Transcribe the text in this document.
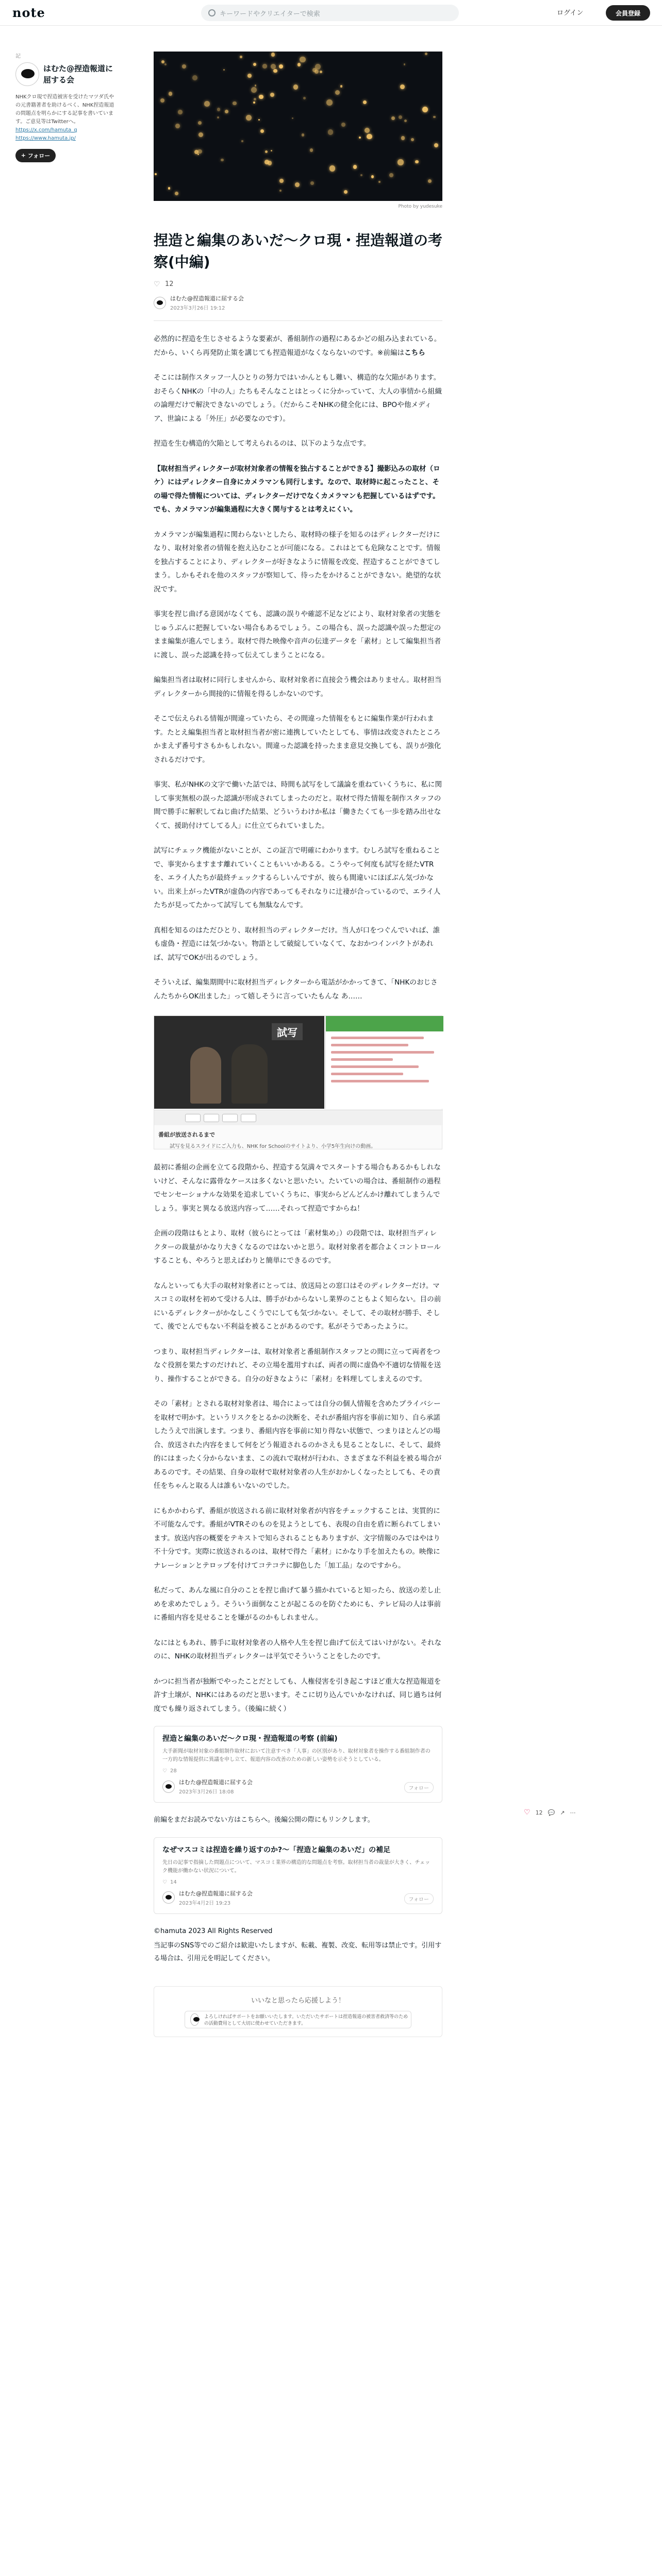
note	キーワードやクリエイターで検索	ログイン	会員登録
記
はむた@捏造報道に屈する会
NHKクロ現で捏造被害を受けたマツダ氏やの元書籍著者を助けるべく、NHK捏造報道の問題点を明らかにする記事を書いています。ご意見等はTwitterへ。
https://x.com/hamuta_q
https://www.hamuta.jp/
+ フォロー
Photo by yudesuke
捏造と編集のあいだ〜クロ現・捏造報道の考察(中編)
♡ 12
はむた@捏造報道に屈する会
2023年3月26日 19:12

必然的に捏造を生じさせるような要素が、番組制作の過程にあるかどの組み込まれている。だから、いくら再発防止策を講じても捏造報道がなくならないのです。※前編はこちら

そこには制作スタッフ一人ひとりの努力ではいかんともし難い、構造的な欠陥があります。おそらくNHKの「中の人」たちもそんなことはとっくに分かっていて、大人の事情から組織の論理だけで解決できないのでしょう。（だからこそNHKの健全化には、BPOや他メディア、世論による「外圧」が必要なのです）。

捏造を生む構造的欠陥として考えられるのは、以下のような点です。

【取材担当ディレクターが取材対象者の情報を独占することができる】撮影込みの取材（ロケ）にはディレクター自身にカメラマンも同行します。なので、取材時に起こったこと、その場で得た情報については、ディレクターだけでなくカメラマンも把握しているはずです。でも、カメラマンが編集過程に大きく関与するとは考えにくい。

カメラマンが編集過程に関わらないとしたら、取材時の様子を知るのはディレクターだけになり、取材対象者の情報を抱え込むことが可能になる。これはとても危険なことです。情報を独占することにより、ディレクターが好きなように情報を改変、捏造することができてしまう。しかもそれを他のスタッフが察知して、待ったをかけることができない。絶望的な状況です。

事実を捏じ曲げる意図がなくても、認識の誤りや確認不足などにより、取材対象者の実態をじゅうぶんに把握していない場合もあるでしょう。この場合も、誤った認識や誤った想定のまま編集が進んでしまう。取材で得た映像や音声の伝達データを「素材」として編集担当者に渡し、誤った認識を持って伝えてしまうことになる。

編集担当者は取材に同行しませんから、取材対象者に直接会う機会はありません。取材担当ディレクターから間接的に情報を得るしかないのです。

そこで伝えられる情報が間違っていたら、その間違った情報をもとに編集作業が行われます。たとえ編集担当者と取材担当者が密に連携していたとしても、事情は改変されたところかまえず番号すさもかもしれない。間違った認識を持ったまま意見交換しても、誤りが強化されるだけです。

事実、私がNHKの文字で働いた話では、時間も試写をして議論を重ねていくうちに、私に関して事実無根の誤った認識が形成されてしまったのだと。取材で得た情報を制作スタッフの間で勝手に解釈してねじ曲げた結果、どういうわけか私は「働きたくても一歩を踏み出せなくて、援助付けてしてる人」に仕立てられていました。

試写にチェック機能がないことが、この証言で明確にわかります。むしろ試写を重ねることで、事実からますます離れていくこともいいかあるる。こうやって何度も試写を経たVTRを、エライ人たちが最終チェックするらしいんですが、彼らも間違いにほぼぶん気づかない。出来上がったVTRが虚偽の内容であってもそれなりに辻褄が合っているので、エライ人たちが見ってたかって試写しても無駄なんです。

真相を知るのはただひとり、取材担当のディレクターだけ。当人が口をつぐんでいれば、誰も虚偽・捏造には気づかない。物語として破綻していなくて、なおかつインパクトがあれば、試写でOKが出るのでしょう。

そういえば、編集期間中に取材担当ディレクターから電話がかかってきて、「NHKのおじさんたちからOK出ました」って嬉しそうに言っていたもんな あ……

試写
番組が放送されるまで
試写を見るスライドにご入力も、NHK for Schoolのサイトより、小学5年生向けの動画。

最初に番組の企画を立てる段階から、捏造する気満々でスタートする場合もあるかもしれないけど、そんなに露骨なケースは多くないと思いたい。たいていの場合は、番組制作の過程でセンセーショナルな効果を追求していくうちに、事実からどんどんかけ離れてしまうんでしょう。事実と異なる放送内容って……それって捏造ですからね！

企画の段階はもとより、取材（彼らにとっては「素材集め」）の段階では、取材担当ディレクターの裁量がかなり大きくなるのではないかと思う。取材対象者を都合よくコントロールすることも、やろうと思えばわりと簡単にできるのです。

なんといっても大手の取材対象者にとっては、放送局との窓口はそのディレクターだけ。マスコミの取材を初めて受ける人は、勝手がわからないし業界のこともよく知らない。目の前にいるディレクターがかなしこくうでにしても気づかない。そして、その取材が勝手、そして、後でとんでもない不利益を被ることがあるのです。私がそうであったように。

つまり、取材担当ディレクターは、取材対象者と番組制作スタッフとの間に立って両者をつなぐ役割を果たすのだけれど、その立場を濫用すれば、両者の間に虚偽や不適切な情報を送り、操作することができる。自分の好きなように「素材」を料理してしまえるのです。

その「素材」とされる取材対象者は、場合によっては自分の個人情報を含めたプライバシーを取材で明かす。というリスクをとるかの決断を、それが番組内容を事前に知り、自ら承諾したうえで出演します。つまり、番組内容を事前に知り得ない状態で、つまりほとんどの場合、放送された内容をまして何をどう報道されるのかさえも見ることなしに、そして、最終的にはまったく分からないまま、この流れで取材が行われ、さまざまな不利益を被る場合があるのです。その結果、自身の取材で取材対象者の人生がおかしくなったとしても、その責任をちゃんと取る人は誰もいないのでした。

にもかかわらず、番組が放送される前に取材対象者が内容をチェックすることは、実質的に不可能なんです。番組がVTRそのものを見ようとしても、表現の自由を盾に断られてしまいます。放送内容の概要をテキストで知らされることもありますが、文字情報のみではやはり不十分です。実際に放送されるのは、取材で得た「素材」にかなり手を加えたもの。映像にナレーションとテロップを付けてコテコテに脚色した「加工品」なのですから。

私だって、あんな風に自分のことを捏じ曲げて暴う描かれていると知ったら、放送の差し止めを求めたでしょう。そういう面倒なことが起こるのを防ぐためにも、テレビ局の人は事前に番組内容を見せることを嫌がるのかもしれません。

なにはともあれ、勝手に取材対象者の人格や人生を捏じ曲げて伝えてはいけがない。それなのに、NHKの取材担当ディレクターは平気でそういうことをしたのです。

かつに担当者が独断でやったことだとしても、人権侵害を引き起こすほど重大な捏造報道を許す土壌が、NHKにはあるのだと思います。そこに切り込んでいかなければ、同じ過ちは何度でも繰り返されてしまう。（後編に続く）

捏造と編集のあいだ〜クロ現・捏造報道の考察 (前編)
大手新聞が取材対象の番組制作取材において注意すべき「人事」の区別があり、取材対象者を操作する番組制作者の一方的な情報提供に異議を申し立て、報道内容の改善のための新しい姿勢を示そうとしている。
♡ 28
はむた@捏造報道に屈する会
2023年3月26日 18:08
フォロー

前編をまだお読みでない方はこちらへ。後編公開の際にもリンクします。

なぜマスコミは捏造を繰り返すのか?〜「捏造と編集のあいだ」の補足
先日の記事で指摘した問題点について、マスコミ業界の構造的な問題点を考察。取材担当者の裁量が大きく、チェック機能が働かない状況について。
♡ 14
はむた@捏造報道に屈する会
2023年4月2日 19:23
フォロー

©hamuta 2023 All Rights Reserved

当記事のSNS等でのご紹介は歓迎いたしますが、転載、複製、改変、転用等は禁止です。引用する場合は、引用元を明記してください。

いいなと思ったら応援しよう！
よろしければサポートをお願いいたします。いただいたサポートは捏造報道の被害者救済等のための活動費用として大切に使わせていただきます。
♡ 12 💬 ↗ ⋯
